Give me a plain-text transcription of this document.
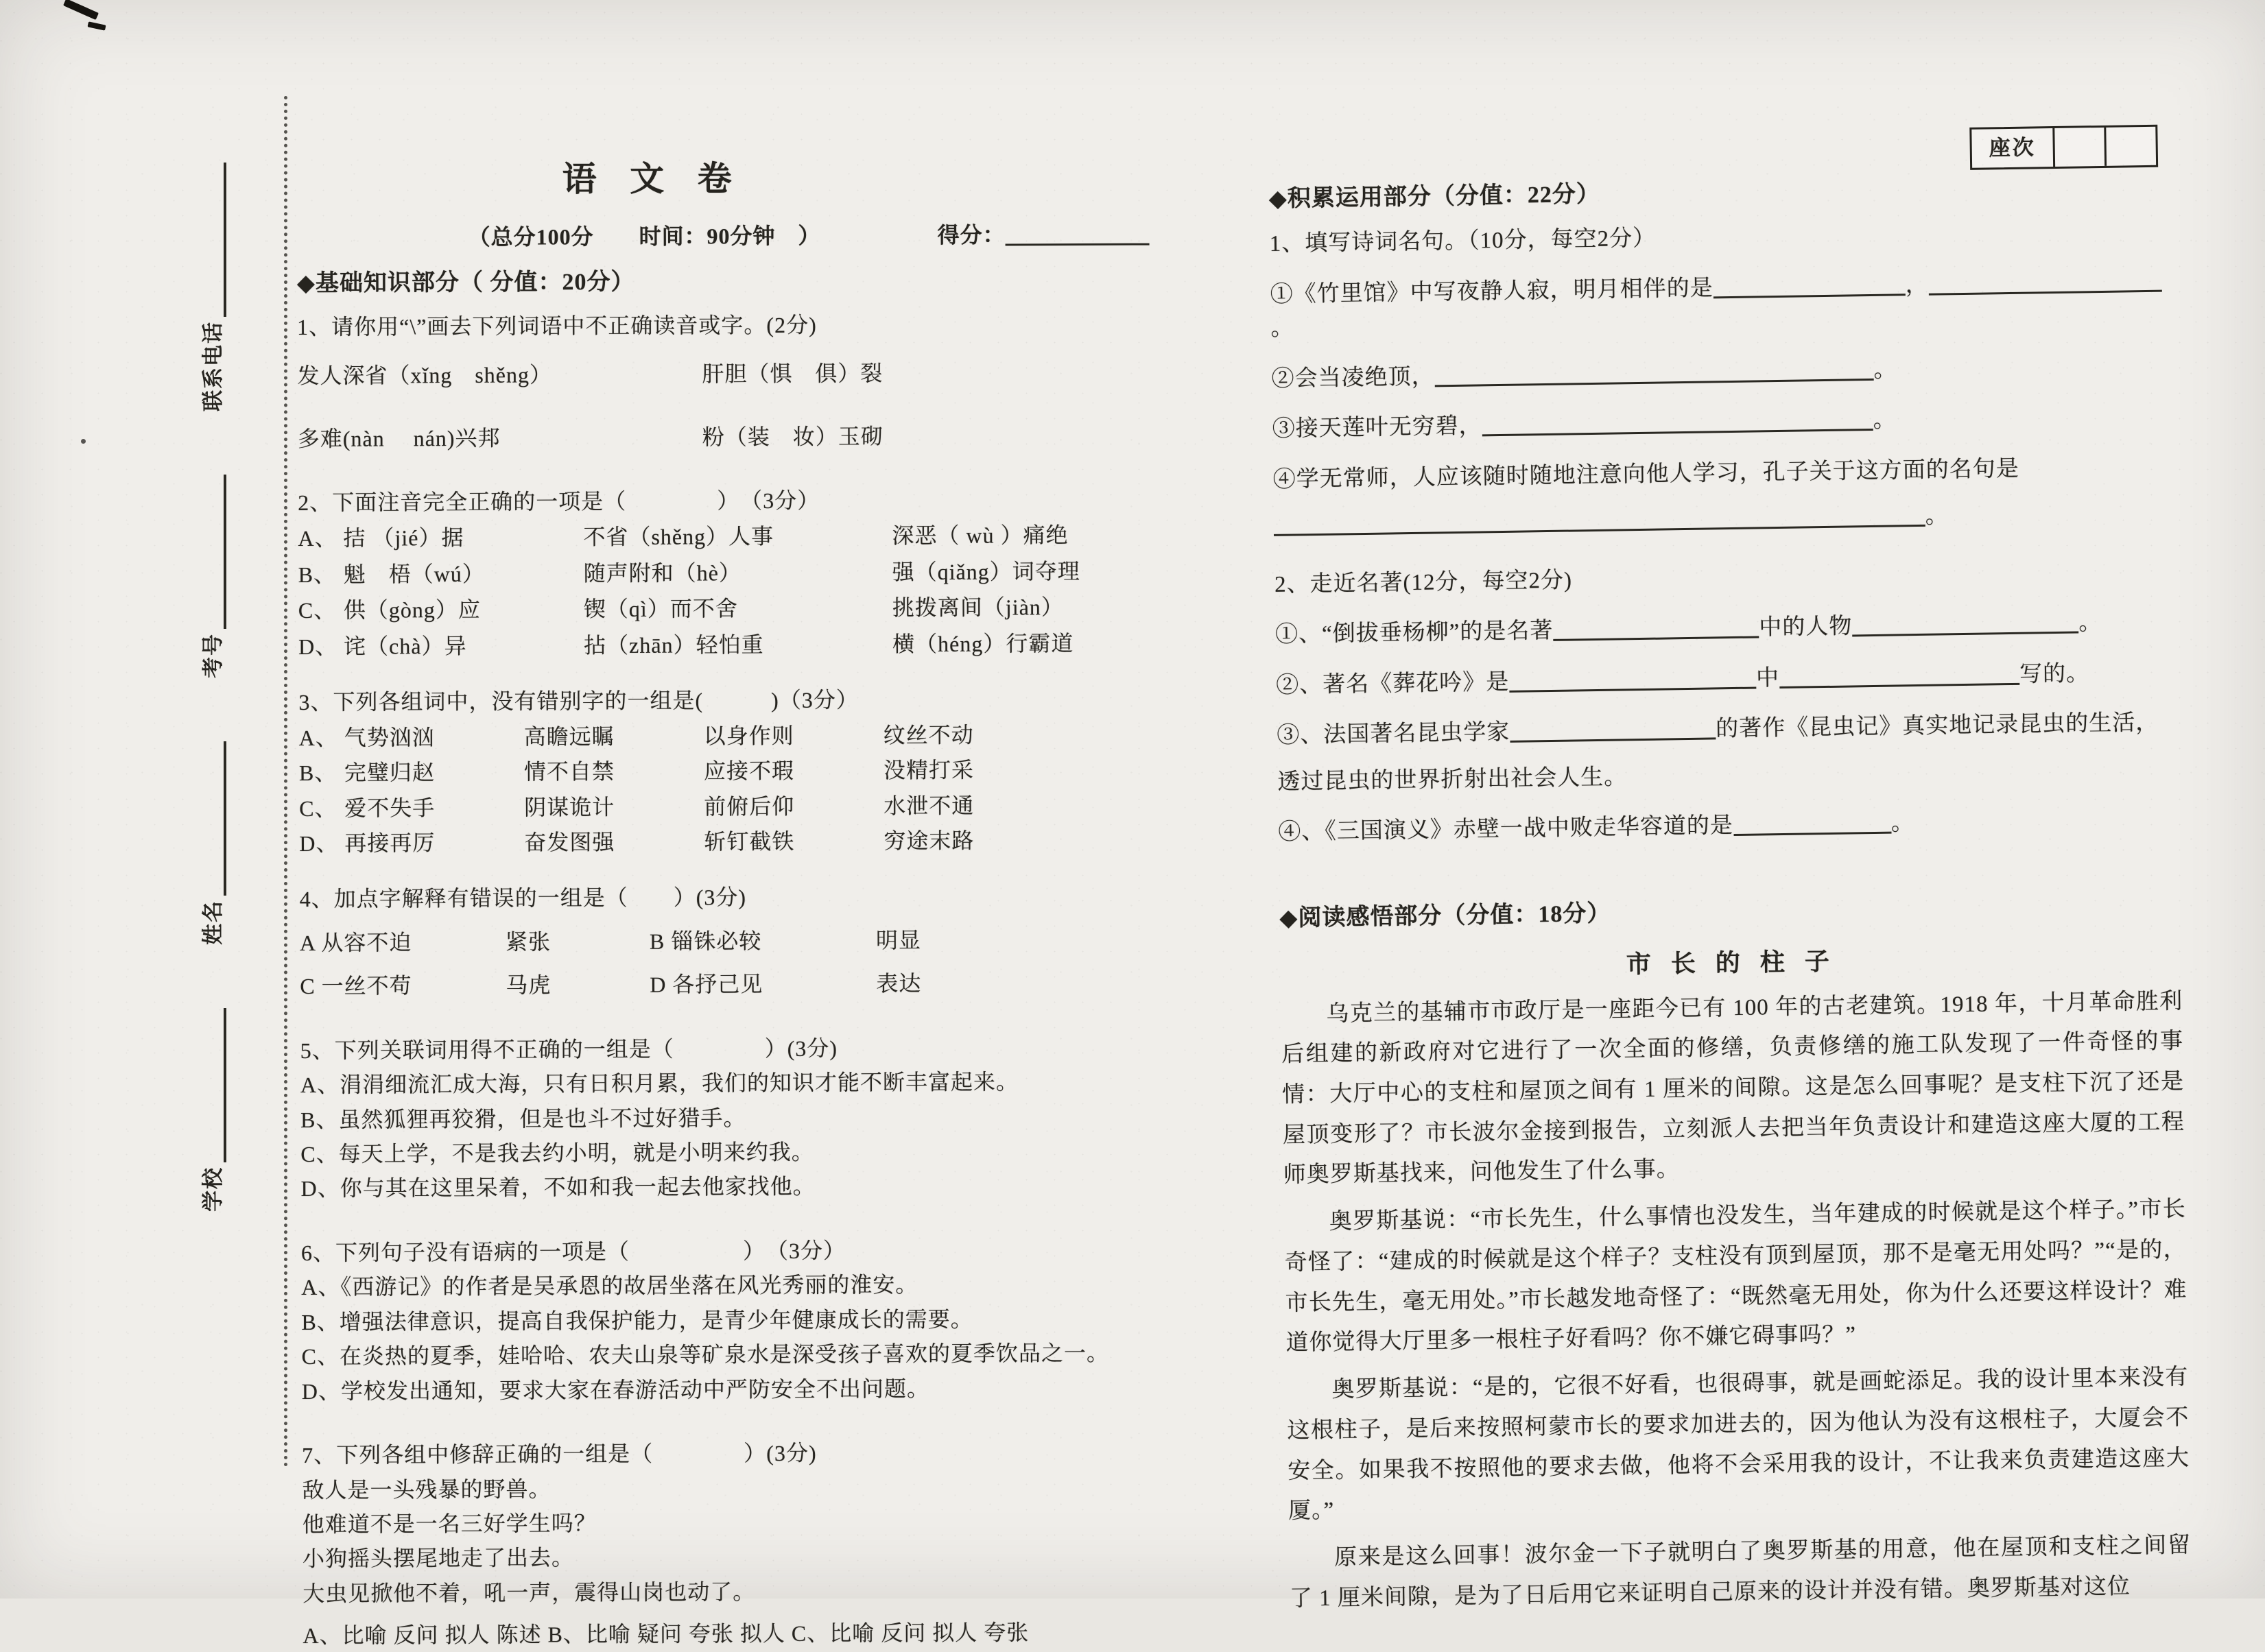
学校
姓名
考号
联系电话
语 文 卷
（总分100分　　时间：90分钟　）	得分：
◆基础知识部分（ 分值：20分）
1、请你用“\”画去下列词语中不正确读音或字。(2分)
发人深省（xǐng　shěng）	肝胆（惧　俱）裂
多难(nàn　 nán)兴邦	粉（装　妆）玉砌
2、下面注音完全正确的一项是（　　　　）　（3分）
A、 拮 （jié）据	不省（shěng）人事	深恶（ wù ）痛绝
B、 魁　梧（wú）	随声附和（hè）	强（qiǎng）词夺理
C、 供（gòng）应	锲（qì）而不舍	挑拨离间（jiàn）
D、 诧（chà）异	拈（zhān）轻怕重	横（héng）行霸道
3、下列各组词中，没有错别字的一组是(　　　)（3分）
A、 气势汹汹	高瞻远瞩	以身作则	纹丝不动
B、 完璧归赵	情不自禁	应接不瑕	没精打采
C、 爱不失手	阴谋诡计	前俯后仰	水泄不通
D、 再接再厉	奋发图强	斩钉截铁	穷途末路
4、加点字解释有错误的一组是（　　）(3分)
A 从容不迫	紧张	B 锱铢必较	明显
C 一丝不苟	马虎	D 各抒己见	表达
5、下列关联词用得不正确的一组是（　　　　）(3分)
A、涓涓细流汇成大海，只有日积月累，我们的知识才能不断丰富起来。
B、虽然狐狸再狡猾，但是也斗不过好猎手。
C、每天上学，不是我去约小明，就是小明来约我。
D、你与其在这里呆着，不如和我一起去他家找他。
6、下列句子没有语病的一项是（　　　　　）　（3分）
A、《西游记》的作者是吴承恩的故居坐落在风光秀丽的淮安。
B、增强法律意识，提高自我保护能力，是青少年健康成长的需要。
C、在炎热的夏季，娃哈哈、农夫山泉等矿泉水是深受孩子喜欢的夏季饮品之一。
D、学校发出通知，要求大家在春游活动中严防安全不出问题。
7、下列各组中修辞正确的一组是（　　　　）(3分)
敌人是一头残暴的野兽。
他难道不是一名三好学生吗？
小狗摇头摆尾地走了出去。
大虫见掀他不着，吼一声，震得山岗也动了。
A、比喻 反问 拟人 陈述 B、比喻 疑问 夸张 拟人 C、比喻 反问 拟人 夸张
座次
◆积累运用部分（分值：22分）
1、填写诗词名句。（10分，每空2分）
①《竹里馆》中写夜静人寂，明月相伴的是	，。
②会当凌绝顶，	。
③接天莲叶无穷碧，	。
④学无常师，人应该随时随地注意向他人学习，孔子关于这方面的名句是
。
2、走近名著(12分，每空2分)
①、“倒拔垂杨柳”的是名著	中的人物	。
②、著名《葬花吟》是	中	写的。
③、法国著名昆虫学家	的著作《昆虫记》真实地记录昆虫的生活，
透过昆虫的世界折射出社会人生。
④、《三国演义》赤壁一战中败走华容道的是	。
◆阅读感悟部分（分值：18分）
市 长 的 柱 子

乌克兰的基辅市市政厅是一座距今已有 100 年的古老建筑。1918 年，十月革命胜利后组建的新政府对它进行了一次全面的修缮，负责修缮的施工队发现了一件奇怪的事情：大厅中心的支柱和屋顶之间有 1 厘米的间隙。这是怎么回事呢？是支柱下沉了还是屋顶变形了？市长波尔金接到报告，立刻派人去把当年负责设计和建造这座大厦的工程师奥罗斯基找来，问他发生了什么事。

奥罗斯基说：“市长先生，什么事情也没发生，当年建成的时候就是这个样子。”市长奇怪了：“建成的时候就是这个样子？支柱没有顶到屋顶，那不是毫无用处吗？”“是的，市长先生，毫无用处。”市长越发地奇怪了：“既然毫无用处，你为什么还要这样设计？难道你觉得大厅里多一根柱子好看吗？你不嫌它碍事吗？”

奥罗斯基说：“是的，它很不好看，也很碍事，就是画蛇添足。我的设计里本来没有这根柱子，是后来按照柯蒙市长的要求加进去的，因为他认为没有这根柱子，大厦会不安全。如果我不按照他的要求去做，他将不会采用我的设计，不让我来负责建造这座大厦。”

原来是这么回事！波尔金一下子就明白了奥罗斯基的用意，他在屋顶和支柱之间留了 1 厘米间隙，是为了日后用它来证明自己原来的设计并没有错。奥罗斯基对这位
